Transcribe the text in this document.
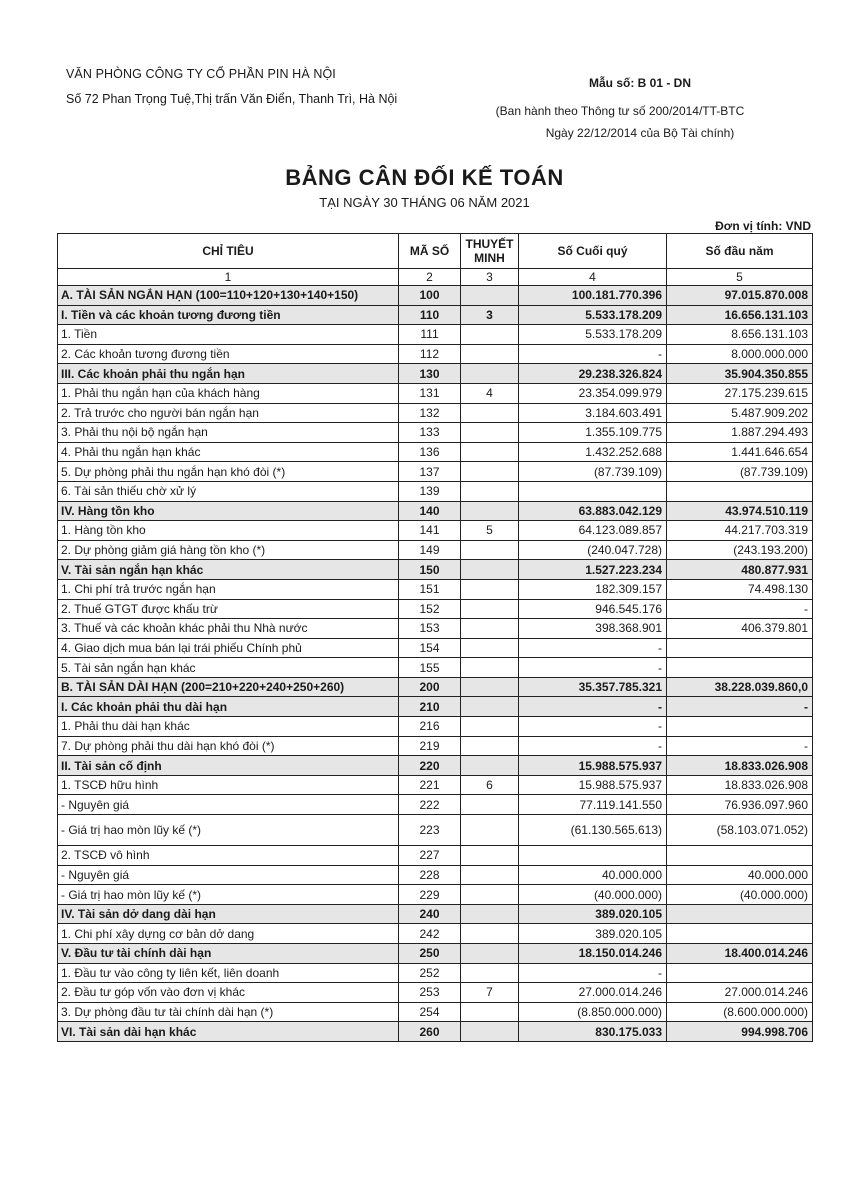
VĂN PHÒNG CÔNG TY CỔ PHẦN PIN HÀ NỘI
Số 72 Phan Trọng Tuệ,Thị trấn Văn Điển, Thanh Trì, Hà Nội
Mẫu số: B 01 - DN
(Ban hành theo Thông tư số 200/2014/TT-BTC
Ngày 22/12/2014 của Bộ Tài chính)
BẢNG CÂN ĐỐI KẾ TOÁN
TẠI NGÀY 30 THÁNG 06 NĂM 2021
Đơn vị tính: VND
CHỈ TIÊU	MÃ SỐ	THUYẾT MINH	Số Cuối quý	Số đầu năm
1	2	3	4	5
A. TÀI SẢN NGẮN HẠN (100=110+120+130+140+150)	100		100.181.770.396	97.015.870.008
I. Tiền và các khoản tương đương tiền	110	3	5.533.178.209	16.656.131.103
1. Tiền	111		5.533.178.209	8.656.131.103
2. Các khoản tương đương tiền	112		-	8.000.000.000
III. Các khoản phải thu ngắn hạn	130		29.238.326.824	35.904.350.855
1. Phải thu ngắn hạn của khách hàng	131	4	23.354.099.979	27.175.239.615
2. Trả trước cho người bán ngắn hạn	132		3.184.603.491	5.487.909.202
3. Phải thu nội bộ ngắn hạn	133		1.355.109.775	1.887.294.493
4. Phải thu ngắn hạn khác	136		1.432.252.688	1.441.646.654
5. Dự phòng phải thu ngắn hạn khó đòi (*)	137		(87.739.109)	(87.739.109)
6. Tài sản thiếu chờ xử lý	139			
IV. Hàng tồn kho	140		63.883.042.129	43.974.510.119
1. Hàng tồn kho	141	5	64.123.089.857	44.217.703.319
2. Dự phòng giảm giá hàng tồn kho (*)	149		(240.047.728)	(243.193.200)
V. Tài sản ngắn hạn khác	150		1.527.223.234	480.877.931
1. Chi phí trả trước ngắn hạn	151		182.309.157	74.498.130
2. Thuế GTGT được khấu trừ	152		946.545.176	-
3. Thuế và các khoản khác phải thu Nhà nước	153		398.368.901	406.379.801
4. Giao dịch mua bán lại trái phiếu Chính phủ	154		-	
5. Tài sản ngắn hạn khác	155		-	
B. TÀI SẢN DÀI HẠN (200=210+220+240+250+260)	200		35.357.785.321	38.228.039.860,0
I. Các khoản phải thu dài hạn	210		-	-
1. Phải thu dài hạn khác	216		-	
7. Dự phòng phải thu dài hạn khó đòi (*)	219		-	-
II. Tài sản cố định	220		15.988.575.937	18.833.026.908
1. TSCĐ hữu hình	221	6	15.988.575.937	18.833.026.908
- Nguyên giá	222		77.119.141.550	76.936.097.960
- Giá trị hao mòn lũy kế (*)	223		(61.130.565.613)	(58.103.071.052)
2. TSCĐ vô hình	227			
- Nguyên giá	228		40.000.000	40.000.000
- Giá trị hao mòn lũy kế (*)	229		(40.000.000)	(40.000.000)
IV. Tài sản dở dang dài hạn	240		389.020.105	
1. Chi phí xây dựng cơ bản dở dang	242		389.020.105	
V. Đầu tư tài chính dài hạn	250		18.150.014.246	18.400.014.246
1. Đầu tư vào công ty liên kết, liên doanh	252		-	
2. Đầu tư góp vốn vào đơn vị khác	253	7	27.000.014.246	27.000.014.246
3. Dự phòng đầu tư tài chính dài hạn (*)	254		(8.850.000.000)	(8.600.000.000)
VI. Tài sản dài hạn khác	260		830.175.033	994.998.706
